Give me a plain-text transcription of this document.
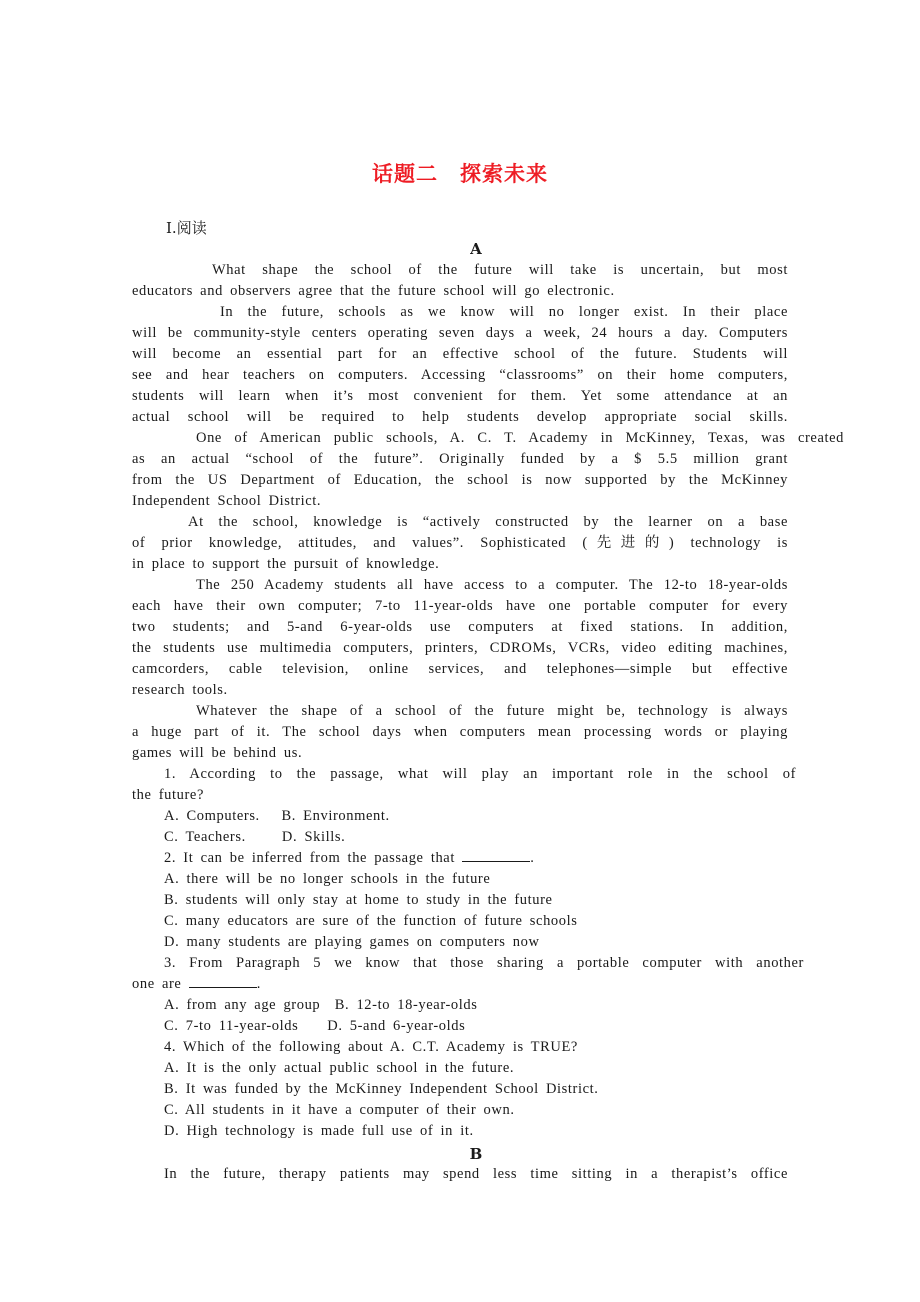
话题二　探索未来
Ⅰ.阅读
A
What shape the school of the future will take is uncertain, but most
educators and observers agree that the future school will go electronic.
In the future, schools as we know will no longer exist. In their place
will be community-style centers operating seven days a week, 24 hours a day. Computers
will become an essential part for an effective school of the future. Students will
see and hear teachers on computers. Accessing “classrooms” on their home computers,
students will learn when it’s most convenient for them. Yet some attendance at an
actual school will be required to help students develop appropriate social skills.
One of American public schools, A. C. T. Academy in McKinney, Texas, was created
as an actual “school of the future”. Originally funded by a $ 5.5 million grant
from the US Department of Education, the school is now supported by the McKinney
Independent School District.
At the school, knowledge is “actively constructed by the learner on a base
of prior knowledge, attitudes, and values”. Sophisticated (先进的) technology is
in place to support the pursuit of knowledge.
The 250 Academy students all have access to a computer. The 12-to 18-year-olds
each have their own computer; 7-to 11-year-olds have one portable computer for every
two students; and 5-and 6-year-olds use computers at fixed stations. In addition,
the students use multimedia computers, printers, CDROMs, VCRs, video editing machines,
camcorders, cable television, online services, and telephones—simple but effective
research tools.
Whatever the shape of a school of the future might be, technology is always
a huge part of it. The school days when computers mean processing words or playing
games will be behind us.
1. According to the passage, what will play an important role in the school of
the future?
A. Computers.   B. Environment.
C. Teachers.     D. Skills.
2. It can be inferred from the passage that	.
A. there will be no longer schools in the future
B. students will only stay at home to study in the future
C. many educators are sure of the function of future schools
D. many students are playing games on computers now
3. From Paragraph 5 we know that those sharing a portable computer with another
one are	.
A. from any age group  B. 12-to 18-year-olds
C. 7-to 11-year-olds    D. 5-and 6-year-olds
4. Which of the following about A. C.T. Academy is TRUE?
A. It is the only actual public school in the future.
B. It was funded by the McKinney Independent School District.
C. All students in it have a computer of their own.
D. High technology is made full use of in it.
B
In the future, therapy patients may spend less time sitting in a therapist’s office
